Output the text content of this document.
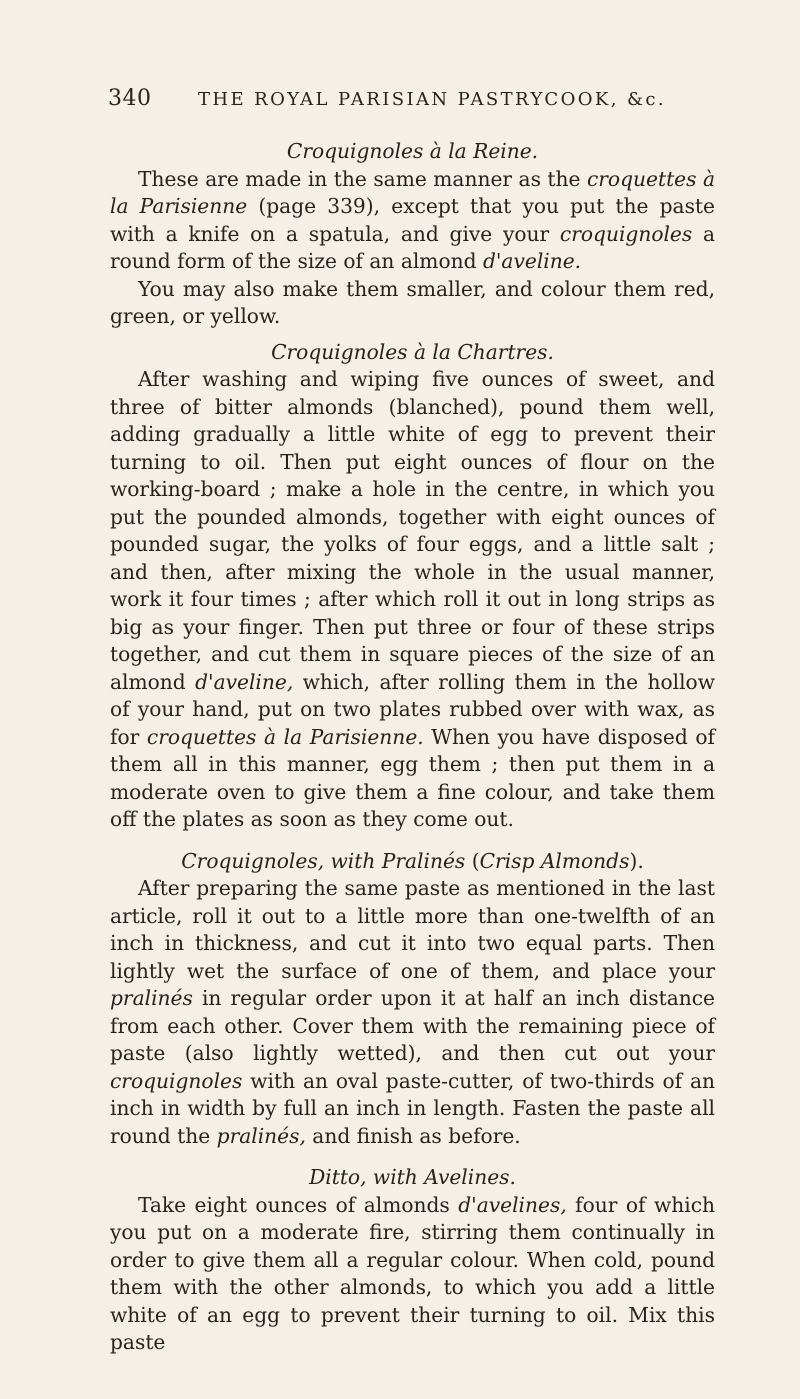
340	THE ROYAL PARISIAN PASTRYCOOK, &c.
Croquignoles à la Reine.

These are made in the same manner as the croquettes à la Parisienne (page 339), except that you put the paste with a knife on a spatula, and give your croquignoles a round form of the size of an almond d'aveline.

You may also make them smaller, and colour them red, green, or yellow.

Croquignoles à la Chartres.

After washing and wiping five ounces of sweet, and three of bitter almonds (blanched), pound them well, adding gradually a little white of egg to prevent their turning to oil. Then put eight ounces of flour on the working-board ; make a hole in the centre, in which you put the pounded almonds, together with eight ounces of pounded sugar, the yolks of four eggs, and a little salt ; and then, after mixing the whole in the usual manner, work it four times ; after which roll it out in long strips as big as your finger. Then put three or four of these strips together, and cut them in square pieces of the size of an almond d'aveline, which, after rolling them in the hollow of your hand, put on two plates rubbed over with wax, as for croquettes à la Parisienne. When you have disposed of them all in this manner, egg them ; then put them in a moderate oven to give them a fine colour, and take them off the plates as soon as they come out.

Croquignoles, with Pralinés (Crisp Almonds).

After preparing the same paste as mentioned in the last article, roll it out to a little more than one-twelfth of an inch in thickness, and cut it into two equal parts. Then lightly wet the surface of one of them, and place your pralinés in regular order upon it at half an inch distance from each other. Cover them with the remaining piece of paste (also lightly wetted), and then cut out your croquignoles with an oval paste-cutter, of two-thirds of an inch in width by full an inch in length. Fasten the paste all round the pralinés, and finish as before.

Ditto, with Avelines.

Take eight ounces of almonds d'avelines, four of which you put on a moderate fire, stirring them continually in order to give them all a regular colour. When cold, pound them with the other almonds, to which you add a little white of an egg to prevent their turning to oil. Mix this paste
